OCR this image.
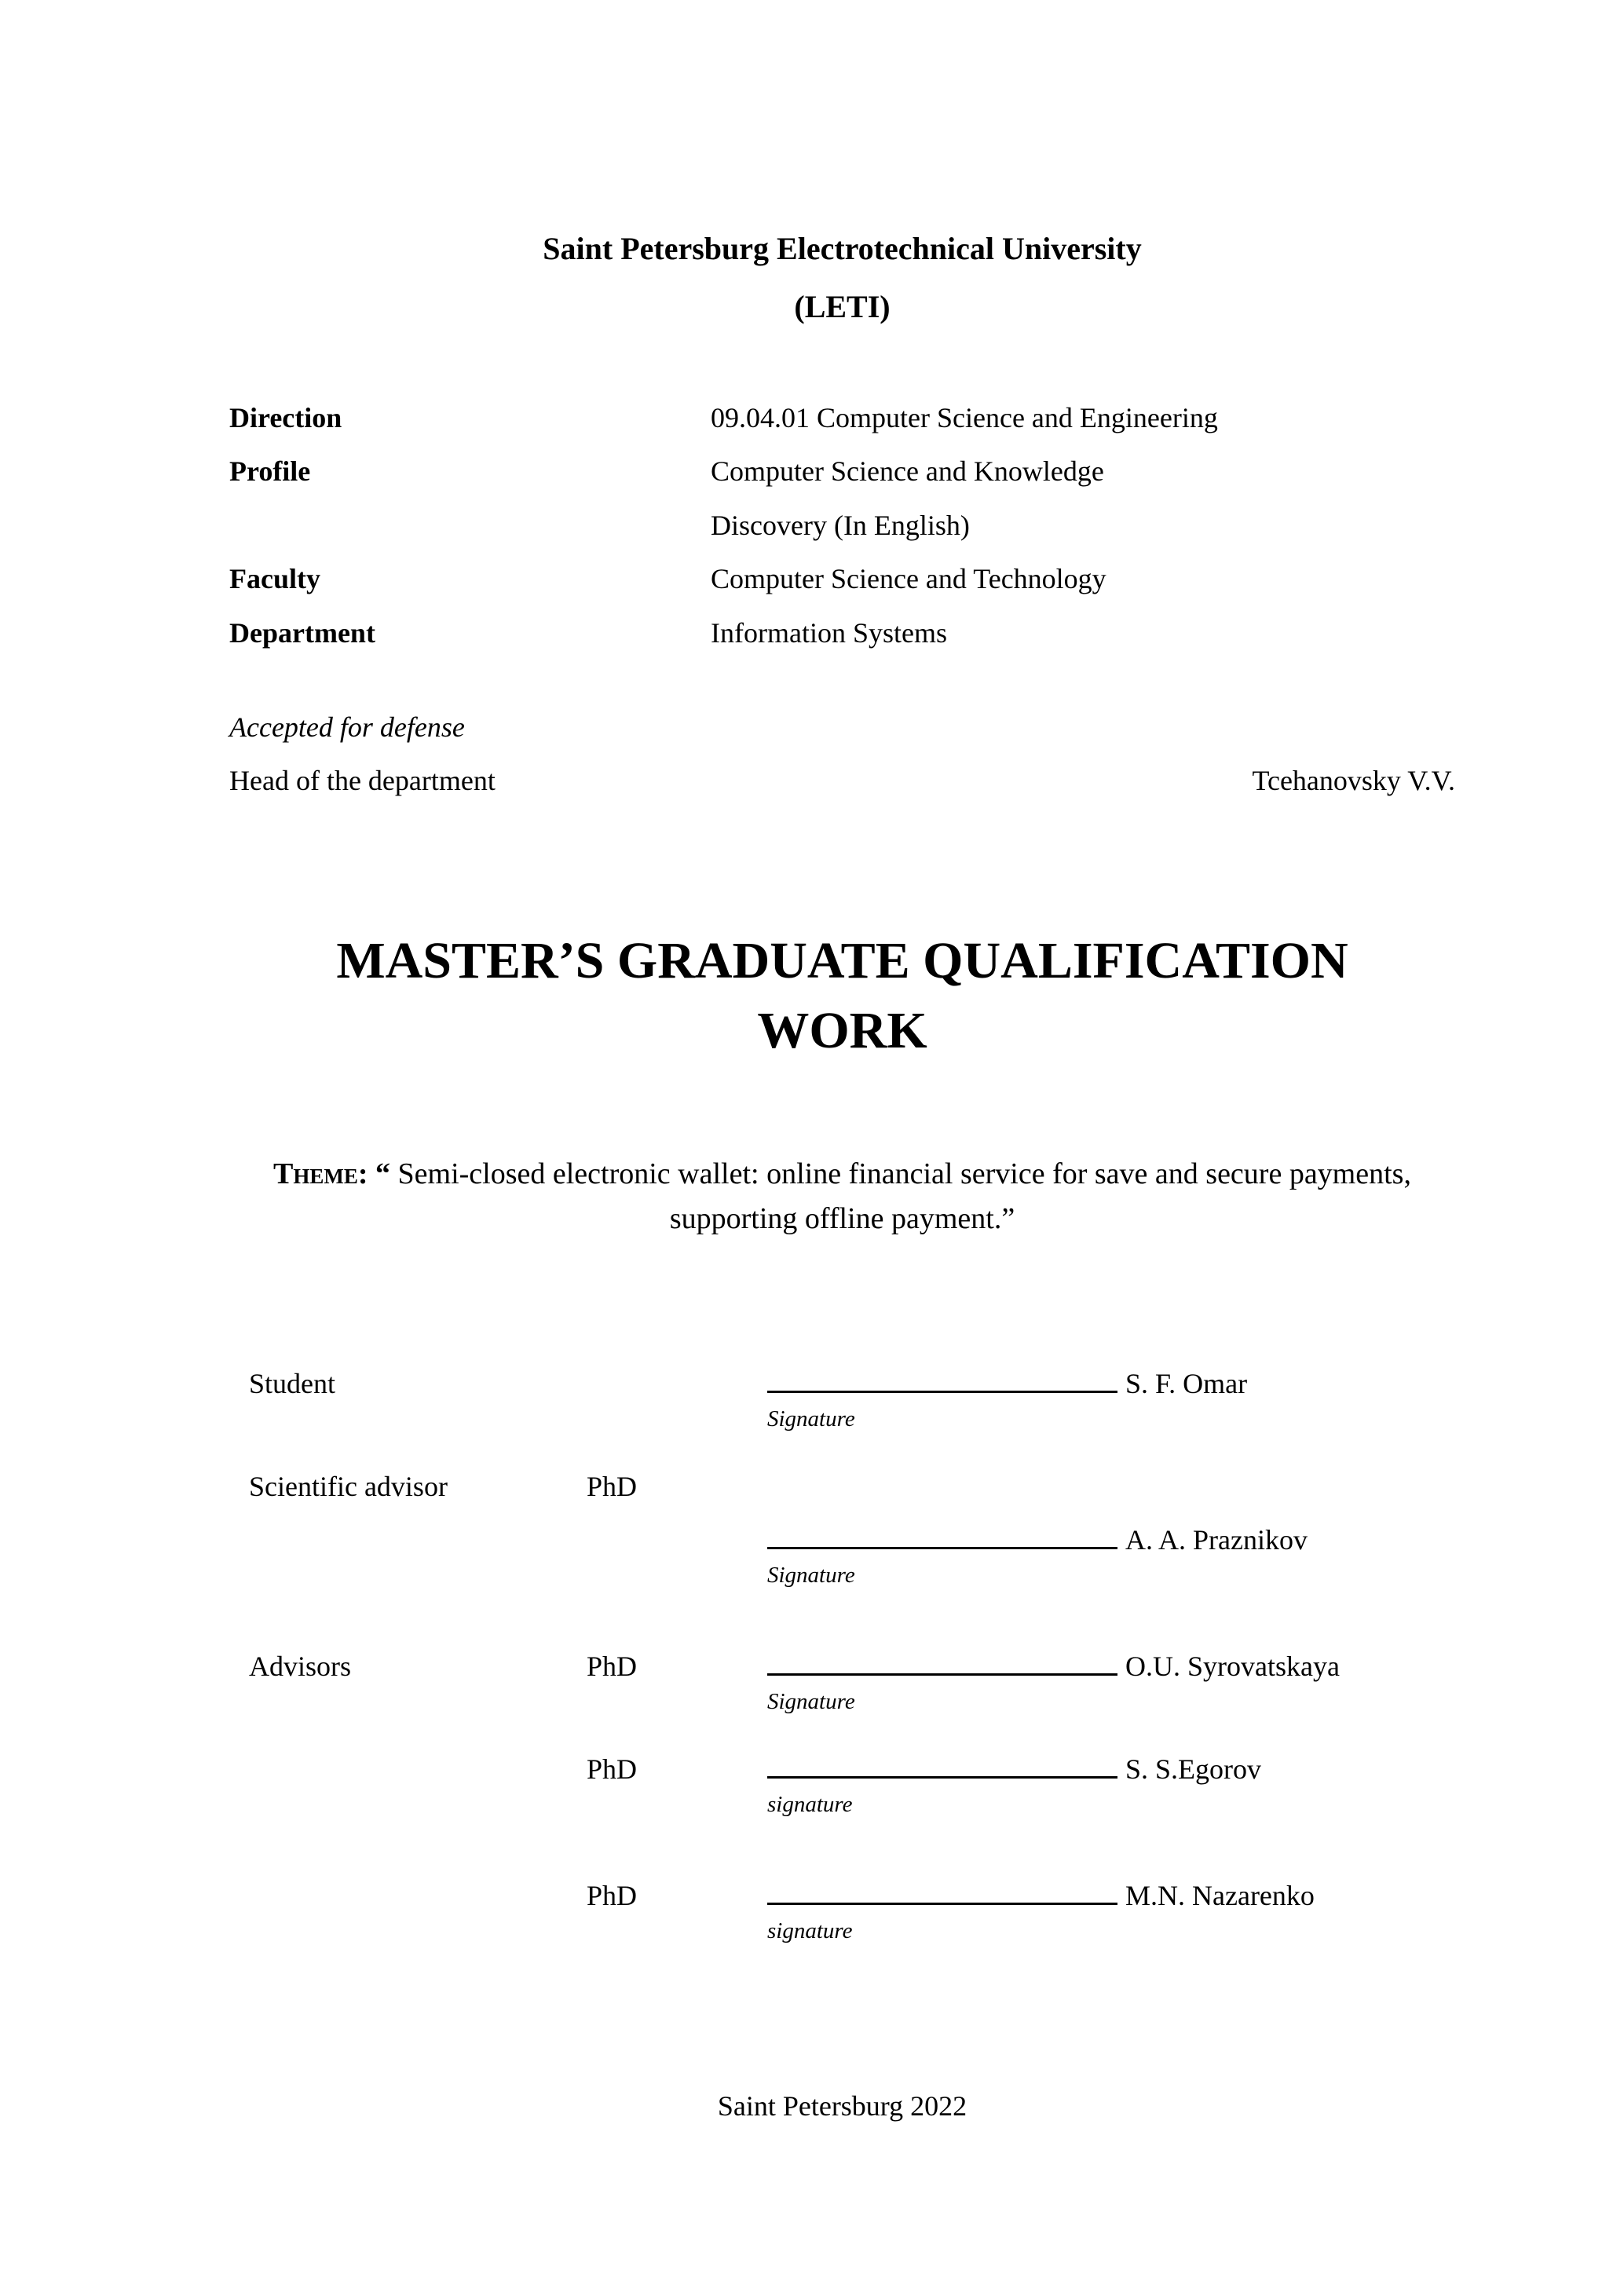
Saint Petersburg Electrotechnical University
(LETI)
Direction	09.04.01 Computer Science and Engineering
Profile	Computer Science and Knowledge Discovery (In English)
Faculty	Computer Science and Technology
Department	Information Systems
Accepted for defense
Head of the department	Tcehanovsky V.V.
MASTER’S GRADUATE QUALIFICATION WORK

Theme: “ Semi-closed electronic wallet: online financial service for save and secure payments, supporting offline payment.”

Student	S. F. Omar
Signature
Scientific advisor	PhD
A. A. Praznikov
Signature
Advisors	PhD	O.U. Syrovatskaya
Signature
PhD	S. S.Egorov
signature
PhD	M.N. Nazarenko
signature
Saint Petersburg 2022
